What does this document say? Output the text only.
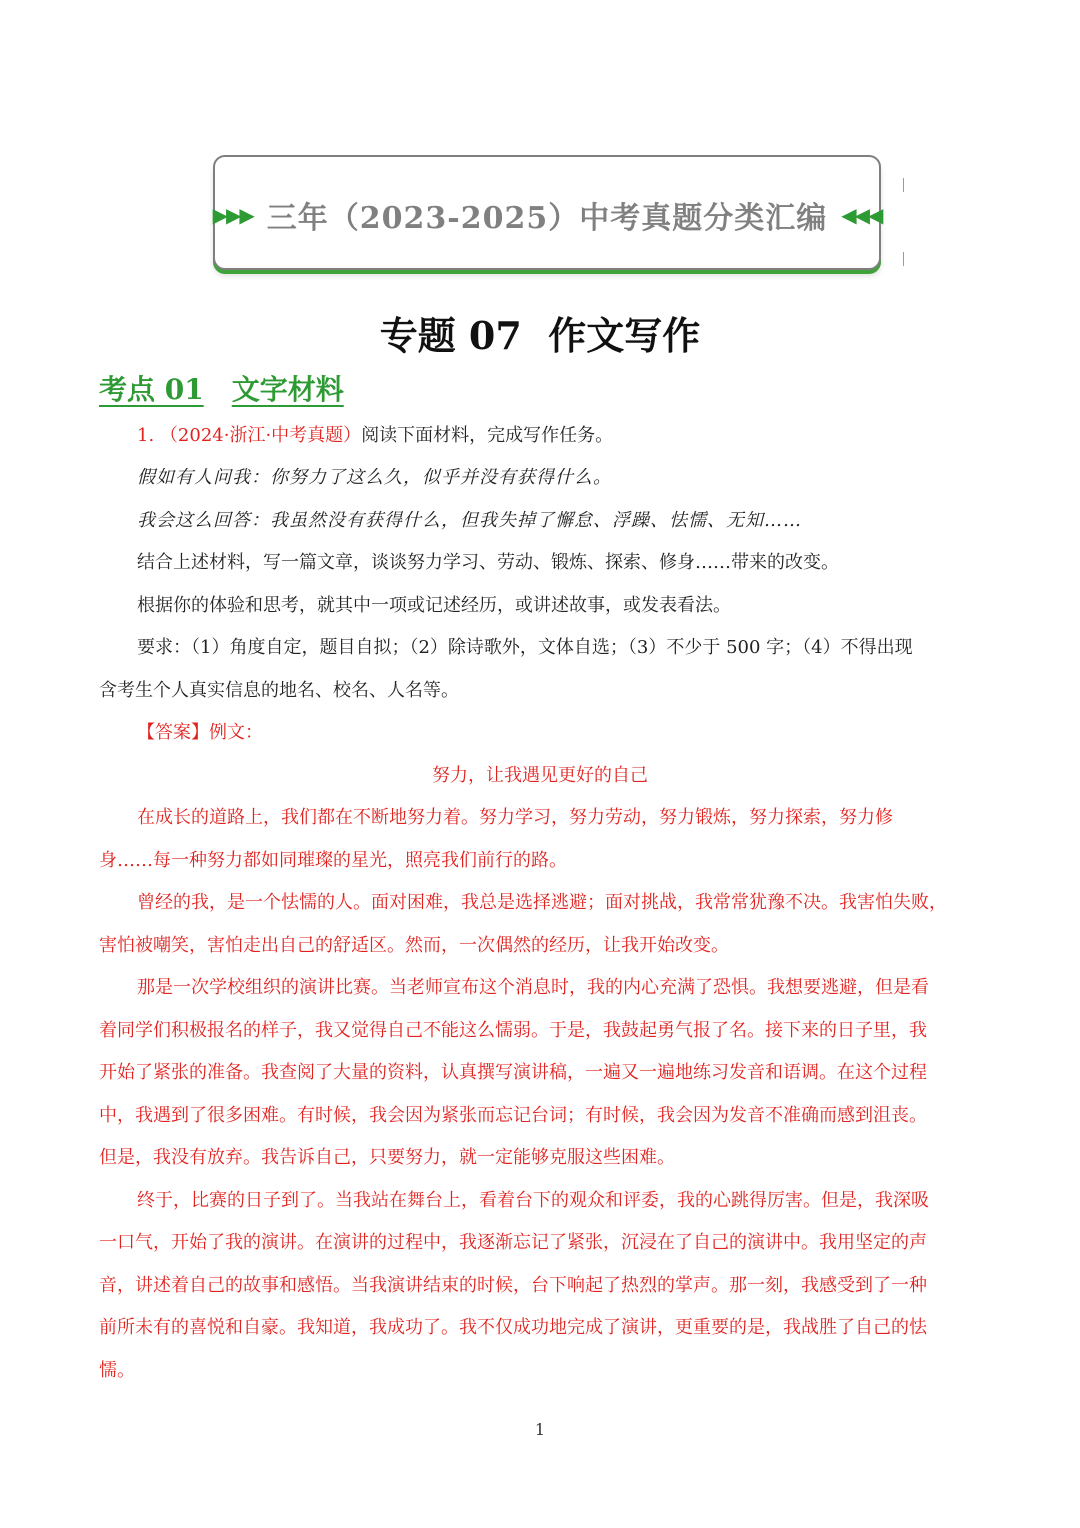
▶▶▶ 三年（2023-2025）中考真题分类汇编 ◀◀◀
专题 07  作文写作
考点 01 文字材料
1. （2024·浙江·中考真题）阅读下面材料，完成写作任务。
假如有人问我：你努力了这么久，似乎并没有获得什么。
我会这么回答：我虽然没有获得什么，但我失掉了懈怠、浮躁、怯懦、无知……
结合上述材料，写一篇文章，谈谈努力学习、劳动、锻炼、探索、修身……带来的改变。
根据你的体验和思考，就其中一项或记述经历，或讲述故事，或发表看法。
要求：（1）角度自定，题目自拟；（2）除诗歌外，文体自选；（3）不少于 500 字；（4）不得出现
含考生个人真实信息的地名、校名、人名等。
【答案】例文：
努力，让我遇见更好的自己
在成长的道路上，我们都在不断地努力着。努力学习，努力劳动，努力锻炼，努力探索，努力修
身……每一种努力都如同璀璨的星光，照亮我们前行的路。
曾经的我，是一个怯懦的人。面对困难，我总是选择逃避；面对挑战，我常常犹豫不决。我害怕失败，
害怕被嘲笑，害怕走出自己的舒适区。然而，一次偶然的经历，让我开始改变。
那是一次学校组织的演讲比赛。当老师宣布这个消息时，我的内心充满了恐惧。我想要逃避，但是看
着同学们积极报名的样子，我又觉得自己不能这么懦弱。于是，我鼓起勇气报了名。接下来的日子里，我
开始了紧张的准备。我查阅了大量的资料，认真撰写演讲稿，一遍又一遍地练习发音和语调。在这个过程
中，我遇到了很多困难。有时候，我会因为紧张而忘记台词；有时候，我会因为发音不准确而感到沮丧。
但是，我没有放弃。我告诉自己，只要努力，就一定能够克服这些困难。
终于，比赛的日子到了。当我站在舞台上，看着台下的观众和评委，我的心跳得厉害。但是，我深吸
一口气，开始了我的演讲。在演讲的过程中，我逐渐忘记了紧张，沉浸在了自己的演讲中。我用坚定的声
音，讲述着自己的故事和感悟。当我演讲结束的时候，台下响起了热烈的掌声。那一刻，我感受到了一种
前所未有的喜悦和自豪。我知道，我成功了。我不仅成功地完成了演讲，更重要的是，我战胜了自己的怯
懦。
1
